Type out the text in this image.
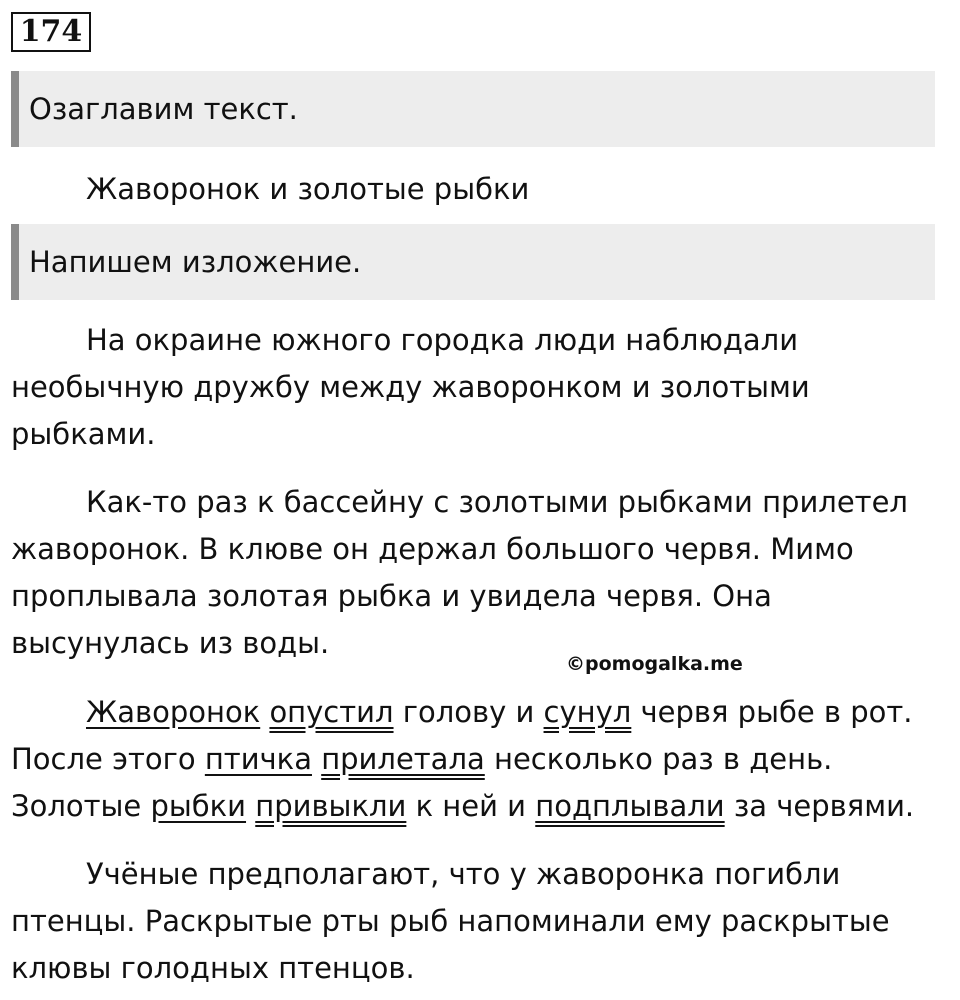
174
Озаглавим текст.
Жаворонок и золотые рыбки
Напишем изложение.

На окраине южного городка люди наблюдали необычную дружбу между жаворонком и золотыми рыбками.

Как-то раз к бассейну с золотыми рыбками прилетел жаворонок. В клюве он держал большого червя. Мимо проплывала золотая рыбка и увидела червя. Она высунулась из воды.

©pomogalka.me

Жаворонок опустил голову и сунул червя рыбе в рот. После этого птичка прилетала несколько раз в день. Золотые рыбки привыкли к ней и подплывали за червями.

Учёные предполагают, что у жаворонка погибли птенцы. Раскрытые рты рыб напоминали ему раскрытые клювы голодных птенцов.
